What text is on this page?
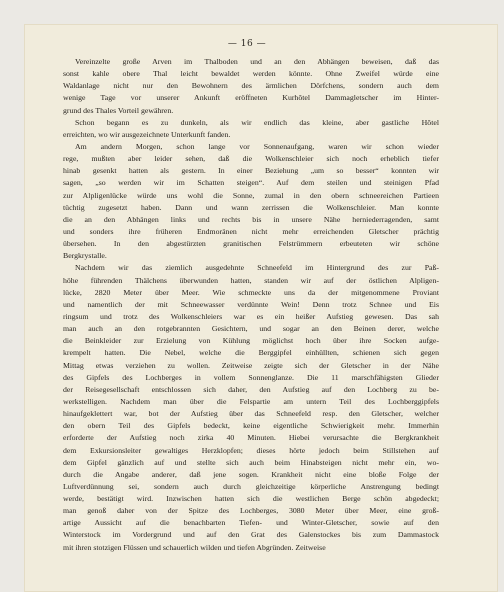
— 16 —
Vereinzelte große Arven im Thalboden und an den Abhängen beweisen, daß das
sonst kahle obere Thal leicht bewaldet werden könnte. Ohne Zweifel würde eine
Waldanlage nicht nur den Bewohnern des ärmlichen Dörfchens, sondern auch dem
wenige Tage vor unserer Ankunft eröffneten Kurhôtel Dammagletscher im Hinter-
grund des Thales Vorteil gewähren.
Schon begann es zu dunkeln, als wir endlich das kleine, aber gastliche Hôtel
erreichten, wo wir ausgezeichnete Unterkunft fanden.
Am andern Morgen, schon lange vor Sonnenaufgang, waren wir schon wieder
rege, mußten aber leider sehen, daß die Wolkenschleier sich noch erheblich tiefer
hinab gesenkt hatten als gestern. In einer Beziehung „um so besser“ konnten wir
sagen, „so werden wir im Schatten steigen“. Auf dem steilen und steinigen Pfad
zur Alpligenlücke würde uns wohl die Sonne, zumal in den obern schneereichen Partieen
tüchtig zugesetzt haben. Dann und wann zerrissen die Wolkenschleier. Man konnte
die an den Abhängen links und rechts bis in unsere Nähe herniederragenden, samt
und sonders ihre früheren Endmoränen nicht mehr erreichenden Gletscher prächtig
übersehen. In den abgestürzten granitischen Felstrümmern erbeuteten wir schöne
Bergkrystalle.
Nachdem wir das ziemlich ausgedehnte Schneefeld im Hintergrund des zur Paß-
höhe führenden Thälchens überwunden hatten, standen wir auf der östlichen Alpligen-
lücke, 2820 Meter über Meer. Wie schmeckte uns da der mitgenommene Proviant
und namentlich der mit Schneewasser verdünnte Wein! Denn trotz Schnee und Eis
ringsum und trotz des Wolkenschleiers war es ein heißer Aufstieg gewesen. Das sah
man auch an den rotgebrannten Gesichtern, und sogar an den Beinen derer, welche
die Beinkleider zur Erzielung von Kühlung möglichst hoch über ihre Socken aufge-
krempelt hatten. Die Nebel, welche die Berggipfel einhüllten, schienen sich gegen
Mittag etwas verziehen zu wollen. Zeitweise zeigte sich der Gletscher in der Nähe
des Gipfels des Lochberges in vollem Sonnenglanze. Die 11 marschfähigsten Glieder
der Reisegesellschaft entschlossen sich daher, den Aufstieg auf den Lochberg zu be-
werkstelligen. Nachdem man über die Felspartie am untern Teil des Lochberggipfels
hinaufgeklettert war, bot der Aufstieg über das Schneefeld resp. den Gletscher, welcher
den obern Teil des Gipfels bedeckt, keine eigentliche Schwierigkeit mehr. Immerhin
erforderte der Aufstieg noch zirka 40 Minuten. Hiebei verursachte die Bergkrankheit
dem Exkursionsleiter gewaltiges Herzklopfen; dieses hörte jedoch beim Stillstehen auf
dem Gipfel gänzlich auf und stellte sich auch beim Hinabsteigen nicht mehr ein, wo-
durch die Angabe anderer, daß jene sogen. Krankheit nicht eine bloße Folge der
Luftverdünnung sei, sondern auch durch gleichzeitige körperliche Anstrengung bedingt
werde, bestätigt wird. Inzwischen hatten sich die westlichen Berge schön abgedeckt;
man genoß daher von der Spitze des Lochberges, 3080 Meter über Meer, eine groß-
artige Aussicht auf die benachbarten Tiefen- und Winter-Gletscher, sowie auf den
Winterstock im Vordergrund und auf den Grat des Galenstockes bis zum Dammastock
mit ihren stotzigen Flüssen und schauerlich wilden und tiefen Abgründen. Zeitweise
